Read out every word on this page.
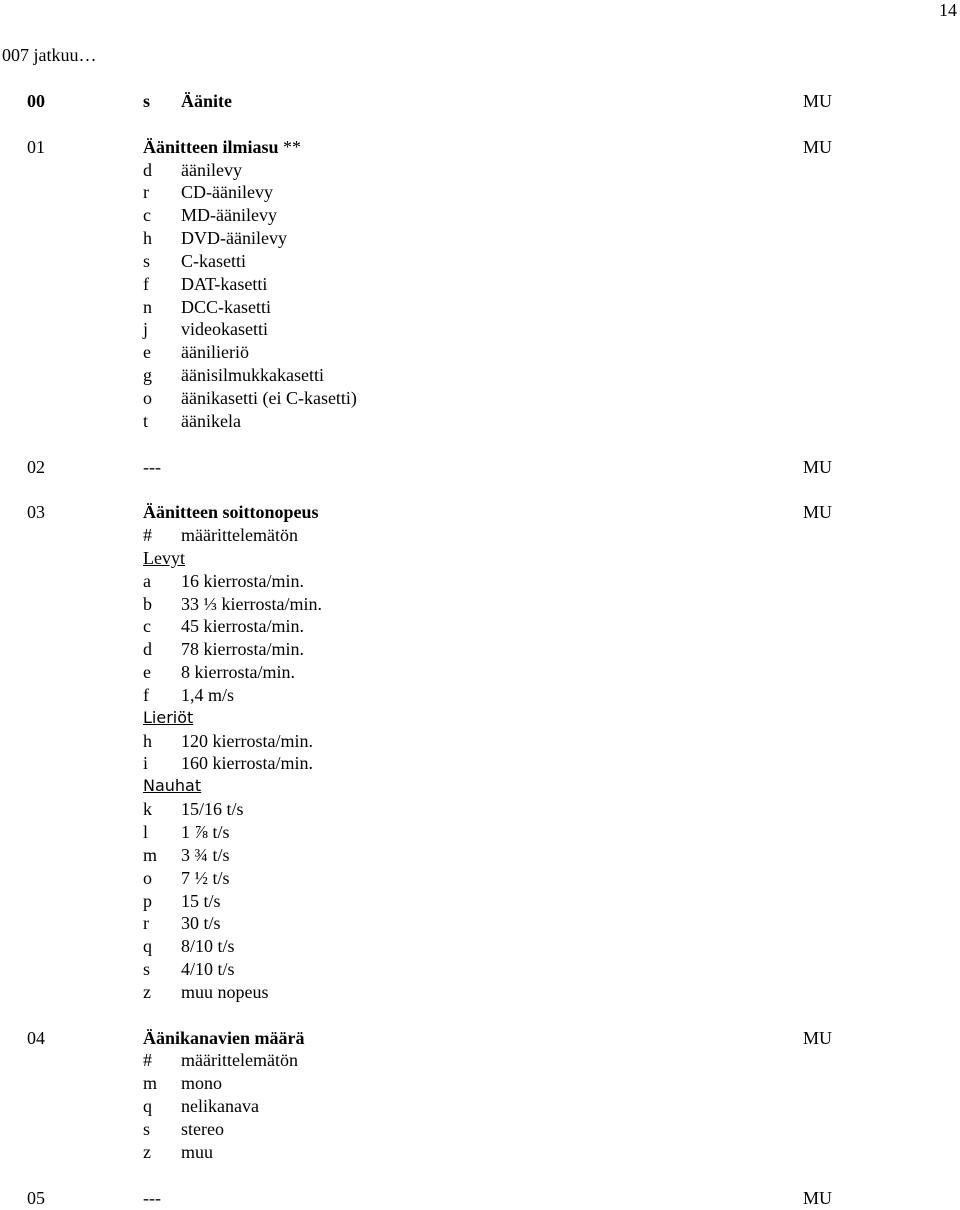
14
007 jatkuu…
00	s Äänite	MU
01	Äänitteen ilmiasu **	MU
d äänilevy
r CD-äänilevy
c MD-äänilevy
h DVD-äänilevy
s C-kasetti
f DAT-kasetti
n DCC-kasetti
j videokasetti
e äänilieriö
g äänisilmukkakasetti
o äänikasetti (ei C-kasetti)
t äänikela
02	---	MU
03	Äänitteen soittonopeus	MU
# määrittelemätön
Levyt
a 16 kierrosta/min.
b 33 ⅓ kierrosta/min.
c 45 kierrosta/min.
d 78 kierrosta/min.
e 8 kierrosta/min.
f 1,4 m/s
Lieriöt
h 120 kierrosta/min.
i 160 kierrosta/min.
Nauhat
k 15/16 t/s
l 1 ⅞ t/s
m 3 ¾ t/s
o 7 ½ t/s
p 15 t/s
r 30 t/s
q 8/10 t/s
s 4/10 t/s
z muu nopeus
04	Äänikanavien määrä	MU
# määrittelemätön
m mono
q nelikanava
s stereo
z muu
05	---	MU
